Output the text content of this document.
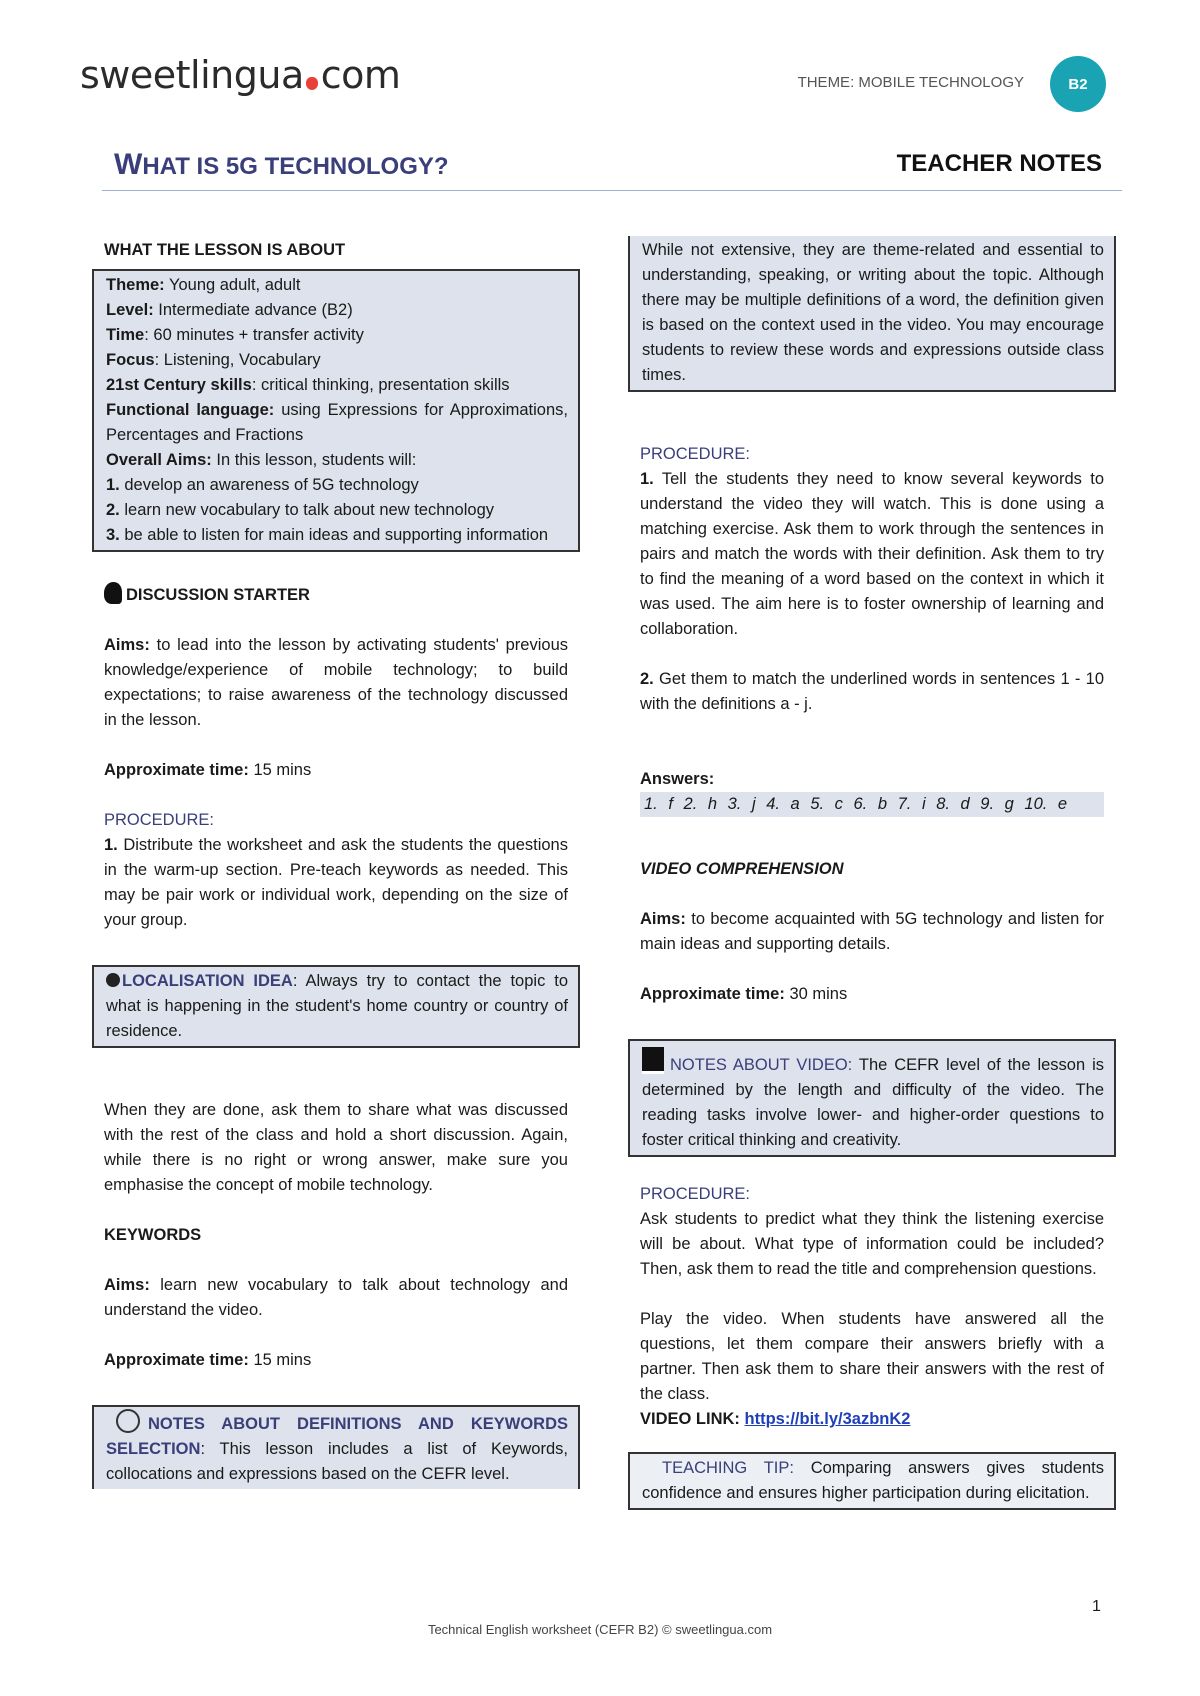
sweetlingua com	THEME: MOBILE TECHNOLOGY	B2
WHAT IS 5G TECHNOLOGY?	TEACHER NOTES
WHAT THE LESSON IS ABOUT

Theme: Young adult, adult

Level: Intermediate advance (B2)

Time: 60 minutes + transfer activity

Focus: Listening, Vocabulary

21st Century skills: critical thinking, presentation skills

Functional language: using Expressions for Approximations, Percentages and Fractions

Overall Aims: In this lesson, students will:

1. develop an awareness of 5G technology

2. learn new vocabulary to talk about new technology

3. be able to listen for main ideas and supporting information

DISCUSSION STARTER

Aims: to lead into the lesson by activating students' previous knowledge/experience of mobile technology; to build expectations; to raise awareness of the technology discussed in the lesson.

Approximate time: 15 mins

PROCEDURE:

1. Distribute the worksheet and ask the students the questions in the warm-up section. Pre-teach keywords as needed. This may be pair work or individual work, depending on the size of your group.

LOCALISATION IDEA: Always try to contact the topic to what is happening in the student's home country or country of residence.

When they are done, ask them to share what was discussed with the rest of the class and hold a short discussion. Again, while there is no right or wrong answer, make sure you emphasise the concept of mobile technology.

KEYWORDS

Aims: learn new vocabulary to talk about technology and understand the video.

Approximate time: 15 mins

NOTES ABOUT DEFINITIONS AND KEYWORDS SELECTION: This lesson includes a list of Keywords, collocations and expressions based on the CEFR level.

While not extensive, they are theme-related and essential to understanding, speaking, or writing about the topic. Although there may be multiple definitions of a word, the definition given is based on the context used in the video. You may encourage students to review these words and expressions outside class times.

PROCEDURE:

1. Tell the students they need to know several keywords to understand the video they will watch. This is done using a matching exercise. Ask them to work through the sentences in pairs and match the words with their definition. Ask them to try to find the meaning of a word based on the context in which it was used. The aim here is to foster ownership of learning and collaboration.

2. Get them to match the underlined words in sentences 1 - 10 with the definitions a - j.

Answers:

1. f 2. h 3. j 4. a 5. c 6. b 7. i 8. d 9. g 10. e

VIDEO COMPREHENSION

Aims: to become acquainted with 5G technology and listen for main ideas and supporting details.

Approximate time: 30 mins

NOTES ABOUT VIDEO: The CEFR level of the lesson is determined by the length and difficulty of the video. The reading tasks involve lower- and higher-order questions to foster critical thinking and creativity.

PROCEDURE:

Ask students to predict what they think the listening exercise will be about. What type of information could be included? Then, ask them to read the title and comprehension questions.

Play the video. When students have answered all the questions, let them compare their answers briefly with a partner. Then ask them to share their answers with the rest of the class.

VIDEO LINK: https://bit.ly/3azbnK2

TEACHING TIP: Comparing answers gives students confidence and ensures higher participation during elicitation.

1
Technical English worksheet (CEFR B2) © sweetlingua.com
